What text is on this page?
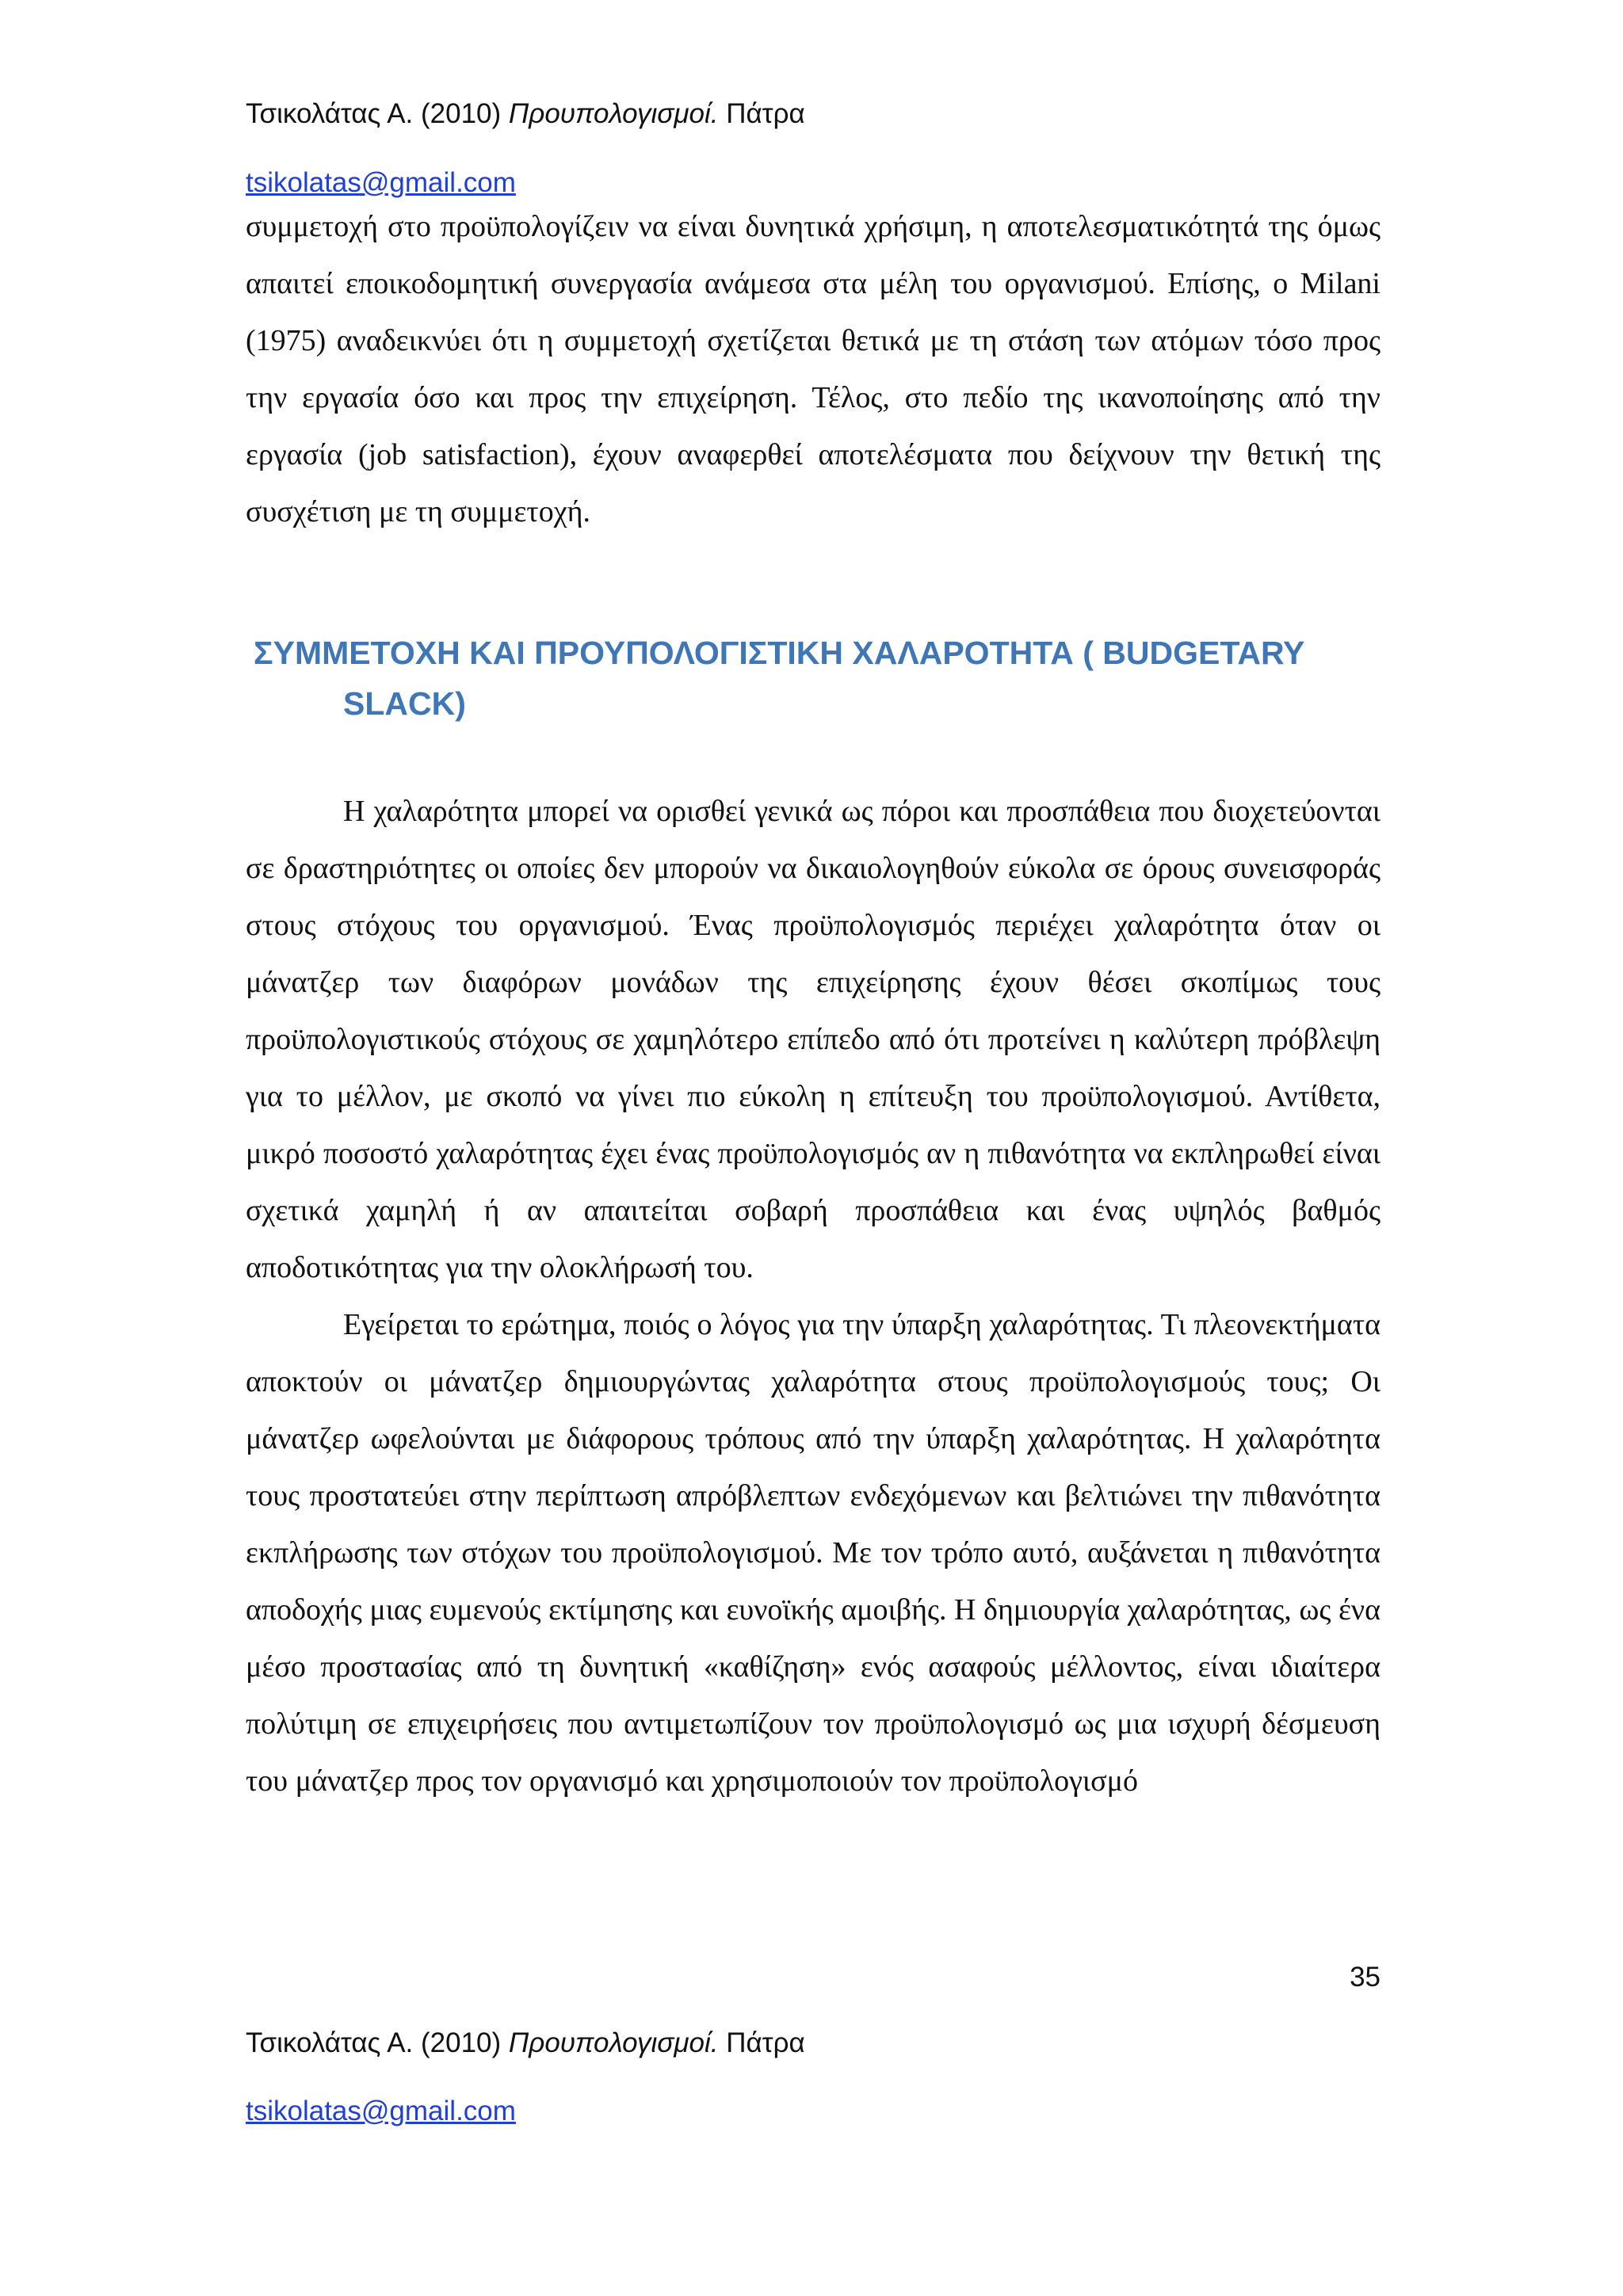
Τσικολάτας Α. (2010) Προυπολογισμοί. Πάτρα
tsikolatas@gmail.com

συμμετοχή στο προϋπολογίζειν να είναι δυνητικά χρήσιμη, η αποτελεσματικότητά της όμως απαιτεί εποικοδομητική συνεργασία ανάμεσα στα μέλη του οργανισμού. Επίσης, ο Milani (1975) αναδεικνύει ότι η συμμετοχή σχετίζεται θετικά με τη στάση των ατόμων τόσο προς την εργασία όσο και προς την επιχείρηση. Τέλος, στο πεδίο της ικανοποίησης από την εργασία (job satisfaction), έχουν αναφερθεί αποτελέσματα που δείχνουν την θετική της συσχέτιση με τη συμμετοχή.

ΣΥΜΜΕΤΟΧΗ ΚΑΙ ΠΡΟΥΠΟΛΟΓΙΣΤΙΚΗ ΧΑΛΑΡΟΤΗΤΑ ( BUDGETARY
SLACK)

Η χαλαρότητα μπορεί να ορισθεί γενικά ως πόροι και προσπάθεια που διοχετεύονται σε δραστηριότητες οι οποίες δεν μπορούν να δικαιολογηθούν εύκολα σε όρους συνεισφοράς στους στόχους του οργανισμού. Ένας προϋπολογισμός περιέχει χαλαρότητα όταν οι μάνατζερ των διαφόρων μονάδων της επιχείρησης έχουν θέσει σκοπίμως τους προϋπολογιστικούς στόχους σε χαμηλότερο επίπεδο από ότι προτείνει η καλύτερη πρόβλεψη για το μέλλον, με σκοπό να γίνει πιο εύκολη η επίτευξη του προϋπολογισμού. Αντίθετα, μικρό ποσοστό χαλαρότητας έχει ένας προϋπολογισμός αν η πιθανότητα να εκπληρωθεί είναι σχετικά χαμηλή ή αν απαιτείται σοβαρή προσπάθεια και ένας υψηλός βαθμός αποδοτικότητας για την ολοκλήρωσή του.

Εγείρεται το ερώτημα, ποιός ο λόγος για την ύπαρξη χαλαρότητας. Τι πλεονεκτήματα αποκτούν οι μάνατζερ δημιουργώντας χαλαρότητα στους προϋπολογισμούς τους; Οι μάνατζερ ωφελούνται με διάφορους τρόπους από την ύπαρξη χαλαρότητας. Η χαλαρότητα τους προστατεύει στην περίπτωση απρόβλεπτων ενδεχόμενων και βελτιώνει την πιθανότητα εκπλήρωσης των στόχων του προϋπολογισμού. Με τον τρόπο αυτό, αυξάνεται η πιθανότητα αποδοχής μιας ευμενούς εκτίμησης και ευνοϊκής αμοιβής. Η δημιουργία χαλαρότητας, ως ένα μέσο προστασίας από τη δυνητική «καθίζηση» ενός ασαφούς μέλλοντος, είναι ιδιαίτερα πολύτιμη σε επιχειρήσεις που αντιμετωπίζουν τον προϋπολογισμό ως μια ισχυρή δέσμευση του μάνατζερ προς τον οργανισμό και χρησιμοποιούν τον προϋπολογισμό

35
Τσικολάτας Α. (2010) Προυπολογισμοί. Πάτρα
tsikolatas@gmail.com
